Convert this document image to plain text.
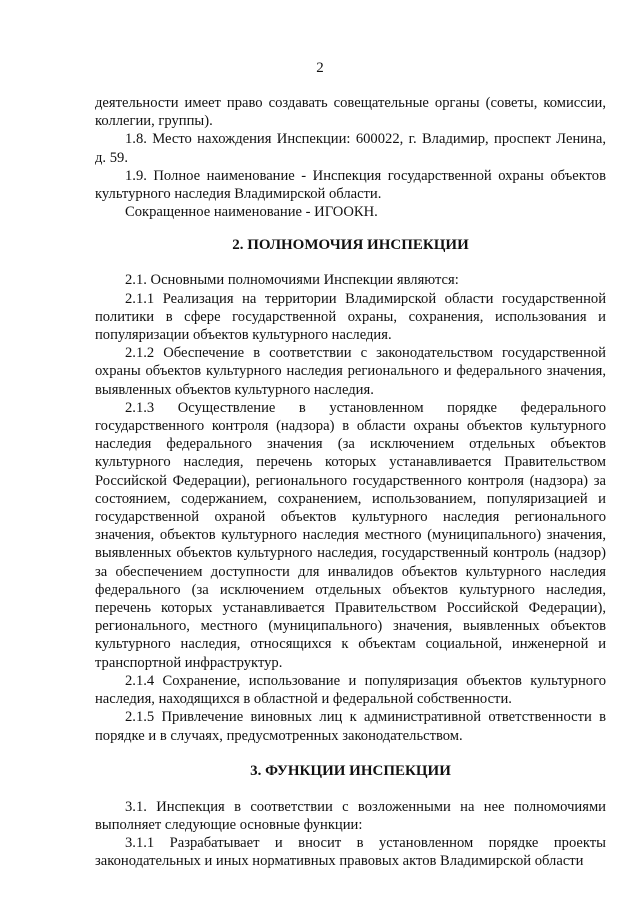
2

деятельности имеет право создавать совещательные органы (советы, комиссии, коллегии, группы).

1.8. Место нахождения Инспекции: 600022, г. Владимир, проспект Ленина, д. 59.

1.9. Полное наименование - Инспекция государственной охраны объектов культурного наследия Владимирской области.

Сокращенное наименование - ИГООКН.

2. ПОЛНОМОЧИЯ ИНСПЕКЦИИ

2.1. Основными полномочиями Инспекции являются:

2.1.1 Реализация на территории Владимирской области государственной политики в сфере государственной охраны, сохранения, использования и популяризации объектов культурного наследия.

2.1.2 Обеспечение в соответствии с законодательством государственной охраны объектов культурного наследия регионального и федерального значения, выявленных объектов культурного наследия.

2.1.3 Осуществление в установленном порядке федерального государственного контроля (надзора) в области охраны объектов культурного наследия федерального значения (за исключением отдельных объектов культурного наследия, перечень которых устанавливается Правительством Российской Федерации), регионального государственного контроля (надзора) за состоянием, содержанием, сохранением, использованием, популяризацией и государственной охраной объектов культурного наследия регионального значения, объектов культурного наследия местного (муниципального) значения, выявленных объектов культурного наследия, государственный контроль (надзор) за обеспечением доступности для инвалидов объектов культурного наследия федерального (за исключением отдельных объектов культурного наследия, перечень которых устанавливается Правительством Российской Федерации), регионального, местного (муниципального) значения, выявленных объектов культурного наследия, относящихся к объектам социальной, инженерной и транспортной инфраструктур.

2.1.4 Сохранение, использование и популяризация объектов культурного наследия, находящихся в областной и федеральной собственности.

2.1.5 Привлечение виновных лиц к административной ответственности в порядке и в случаях, предусмотренных законодательством.

3. ФУНКЦИИ ИНСПЕКЦИИ

3.1. Инспекция в соответствии с возложенными на нее полномочиями выполняет следующие основные функции:

3.1.1 Разрабатывает и вносит в установленном порядке проекты законодательных и иных нормативных правовых актов Владимирской области
